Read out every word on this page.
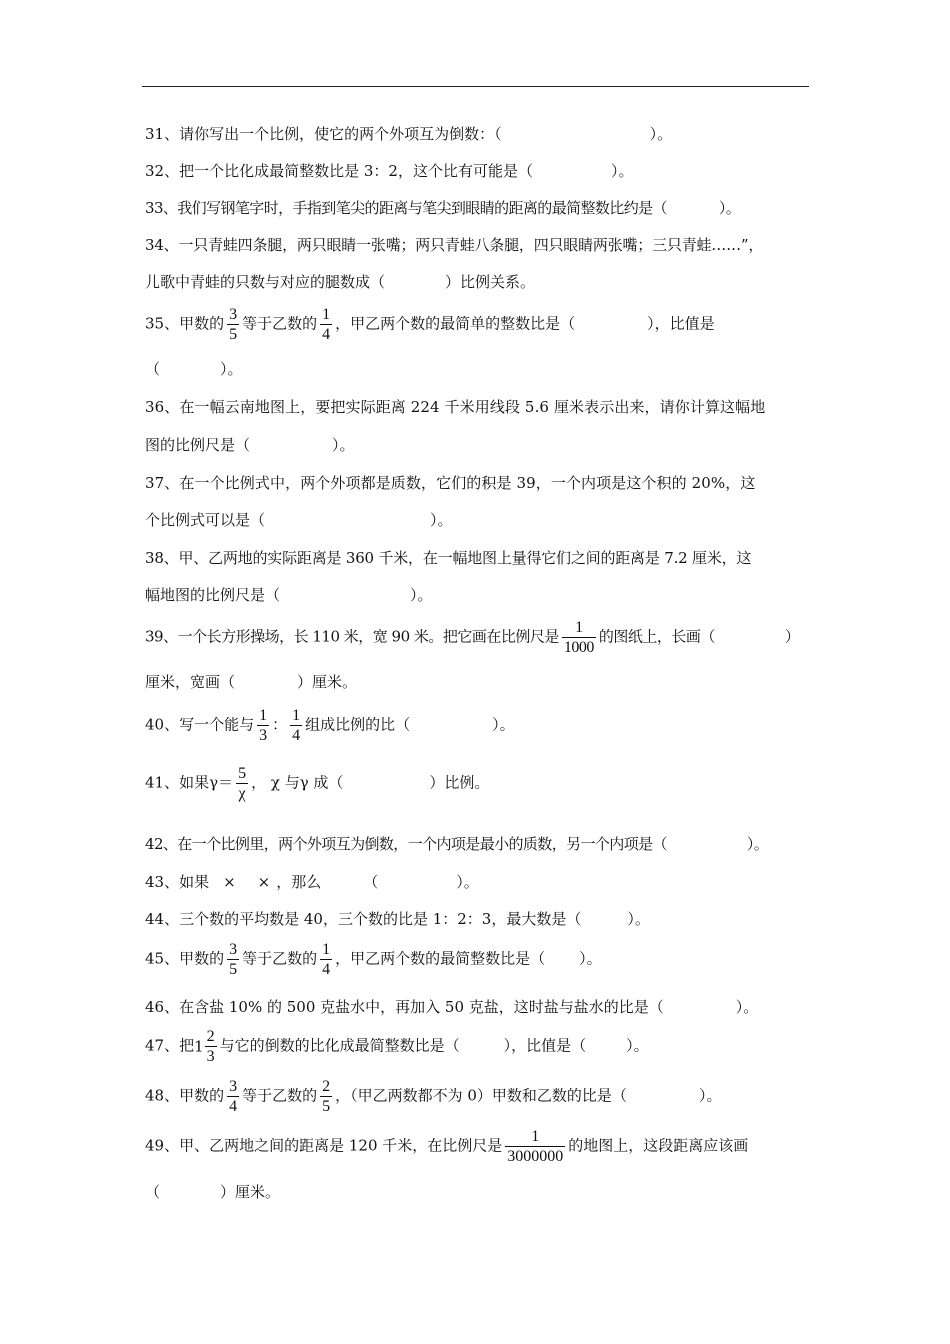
31、请你写出一个比例，使它的两个外项互为倒数：（	）。
32、把一个比化成最简整数比是 3：2，这个比有可能是（	）。
33、我们写钢笔字时，手指到笔尖的距离与笔尖到眼睛的距离的最简整数比约是（	）。
34、一只青蛙四条腿，两只眼睛一张嘴；两只青蛙八条腿，四只眼睛两张嘴；三只青蛙……”，
儿歌中青蛙的只数与对应的腿数成（	）比例关系。
35、甲数的 $\frac{3}{5}$ 等于乙数的 $\frac{1}{4}$ ，甲乙两个数的最简单的整数比是（	），比值是
（	）。
36、在一幅云南地图上，要把实际距离 224 千米用线段 5.6 厘米表示出来，请你计算这幅地
图的比例尺是（	）。
37、在一个比例式中，两个外项都是质数，它们的积是 39，一个内项是这个积的 20%，这
个比例式可以是（	）。
38、甲、乙两地的实际距离是 360 千米，在一幅地图上量得它们之间的距离是 7.2 厘米，这
幅地图的比例尺是（	）。
39、一个长方形操场，长 110 米，宽 90 米。把它画在比例尺是 $\frac{1}{1000}$ 的图纸上，长画（	）
厘米，宽画（	）厘米。
40、写一个能与 $\frac{1}{3}$ ： $\frac{1}{4}$ 组成比例的比（	）。
41、如果$\gamma= \frac{5}{\chi}$ ， χ 与γ 成（	）比例。
42、在一个比例里，两个外项互为倒数，一个内项是最小的质数，另一个内项是（	）。
43、如果 × × ，那么	（	）。
44、三个数的平均数是 40，三个数的比是 1：2：3，最大数是（	）。
45、甲数的 $\frac{3}{5}$ 等于乙数的 $\frac{1}{4}$ ，甲乙两个数的最简整数比是（ ）。
46、在含盐 10% 的 500 克盐水中，再加入 50 克盐，这时盐与盐水的比是（	）。
47、把$1 \frac{2}{3}$ 与它的倒数的比化成最简整数比是（	），比值是（	）。
48、甲数的 $\frac{3}{4}$ 等于乙数的 $\frac{2}{5}$ ，（甲乙两数都不为 0）甲数和乙数的比是（	）。
49、甲、乙两地之间的距离是 120 千米，在比例尺是 $\frac{1}{3000000}$ 的地图上，这段距离应该画
（	）厘米。
